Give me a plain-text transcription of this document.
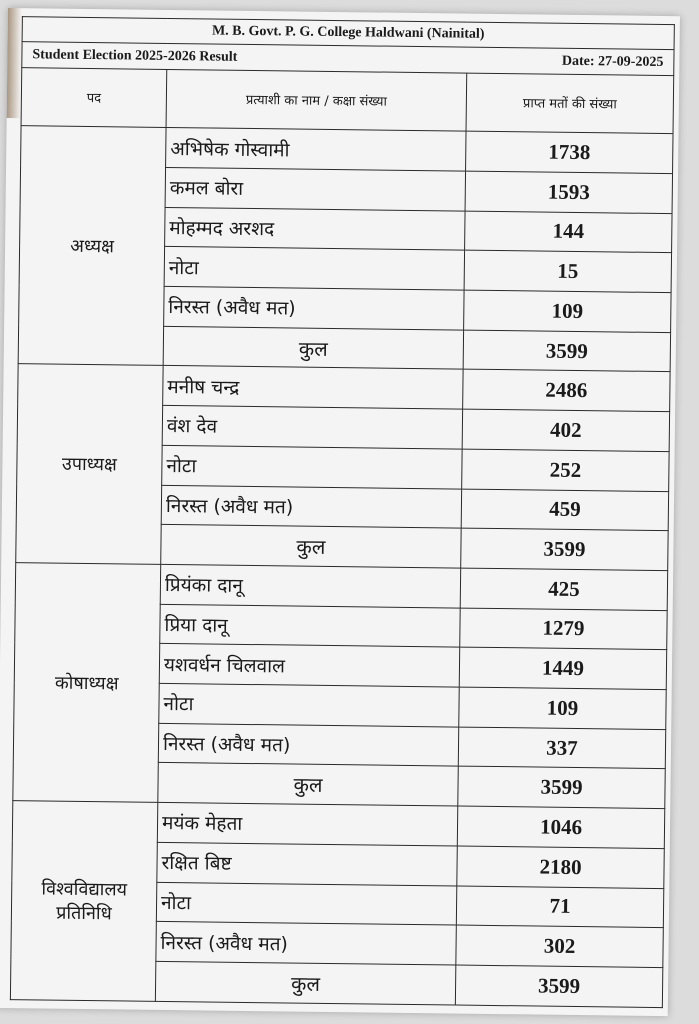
M. B. Govt. P. G. College Haldwani (Nainital)		

Student Election 2025-2026 Result Date: 27-09-2025		

पद	प्रत्याशी का नाम / कक्षा संख्या	प्राप्त मतों की संख्या
अध्यक्ष	अभिषेक गोस्वामी	1738
	कमल बोरा	1593
	मोहम्मद अरशद	144
	नोटा	15
	निरस्त (अवैध मत)	109
	कुल	3599
उपाध्यक्ष	मनीष चन्द्र	2486
	वंश देव	402
	नोटा	252
	निरस्त (अवैध मत)	459
	कुल	3599
कोषाध्यक्ष	प्रियंका दानू	425
	प्रिया दानू	1279
	यशवर्धन चिलवाल	1449
	नोटा	109
	निरस्त (अवैध मत)	337
	कुल	3599
विश्वविद्यालय प्रतिनिधि	मयंक मेहता	1046
	रक्षित बिष्ट	2180
	नोटा	71
	निरस्त (अवैध मत)	302
	कुल	3599
